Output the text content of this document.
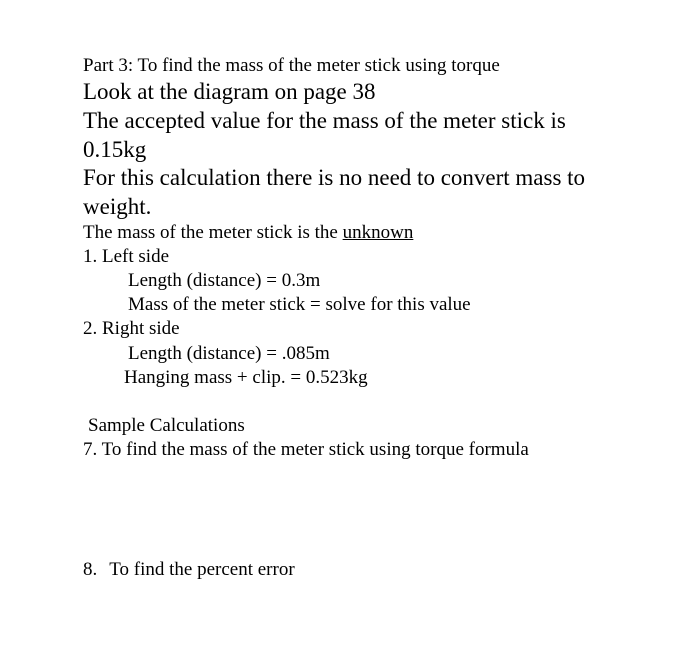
Part 3: To find the mass of the meter stick using torque

Look at the diagram on page 38

The accepted value for the mass of the meter stick is

0.15kg

For this calculation there is no need to convert mass to

weight.

The mass of the meter stick is the unknown

1. Left side

Length (distance) = 0.3m

Mass of the meter stick = solve for this value

2. Right side

Length (distance) = .085m

Hanging mass + clip. = 0.523kg

Sample Calculations

7. To find the mass of the meter stick using torque formula

8. To find the percent error
